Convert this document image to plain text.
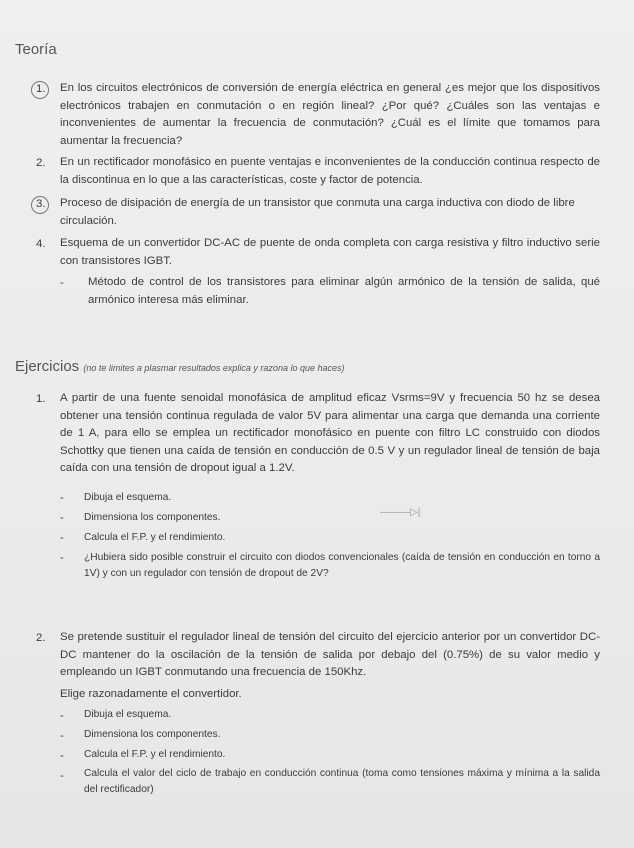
Teoría
1. En los circuitos electrónicos de conversión de energía eléctrica en general ¿es mejor que los dispositivos electrónicos trabajen en conmutación o en región lineal? ¿Por qué? ¿Cuáles son las ventajas e inconvenientes de aumentar la frecuencia de conmutación? ¿Cuál es el límite que tomamos para aumentar la frecuencia?
2. En un rectificador monofásico en puente ventajas e inconvenientes de la conducción continua respecto de la discontinua en lo que a las características, coste y factor de potencia.
3. Proceso de disipación de energía de un transistor que conmuta una carga inductiva con diodo de libre circulación.
4. Esquema de un convertidor DC-AC de puente de onda completa con carga resistiva y filtro inductivo serie con transistores IGBT.
- Método de control de los transistores para eliminar algún armónico de la tensión de salida, qué armónico interesa más eliminar.
Ejercicios (no te limites a plasmar resultados explica y razona lo que haces)
1. A partir de una fuente senoidal monofásica de amplitud eficaz Vsrms=9V y frecuencia 50 hz se desea obtener una tensión continua regulada de valor 5V para alimentar una carga que demanda una corriente de 1 A, para ello se emplea un rectificador monofásico en puente con filtro LC construido con diodos Schottky que tienen una caída de tensión en conducción de 0.5 V y un regulador lineal de tensión de baja caída con una tensión de dropout igual a 1.2V.
- Dibuja el esquema.
- Dimensiona los componentes.	———▷|
- Calcula el F.P. y el rendimiento.
- ¿Hubiera sido posible construir el circuito con diodos convencionales (caída de tensión en conducción en torno a 1V) y con un regulador con tensión de dropout de 2V?
2. Se pretende sustituir el regulador lineal de tensión del circuito del ejercicio anterior por un convertidor DC-DC mantener do la oscilación de la tensión de salida por debajo del (0.75%) de su valor medio y empleando un IGBT conmutando una frecuencia de 150Khz.
Elige razonadamente el convertidor.
- Dibuja el esquema.
- Dimensiona los componentes.
- Calcula el F.P. y el rendimiento.
- Calcula el valor del ciclo de trabajo en conducción continua (toma como tensiones máxima y mínima a la salida del rectificador)
